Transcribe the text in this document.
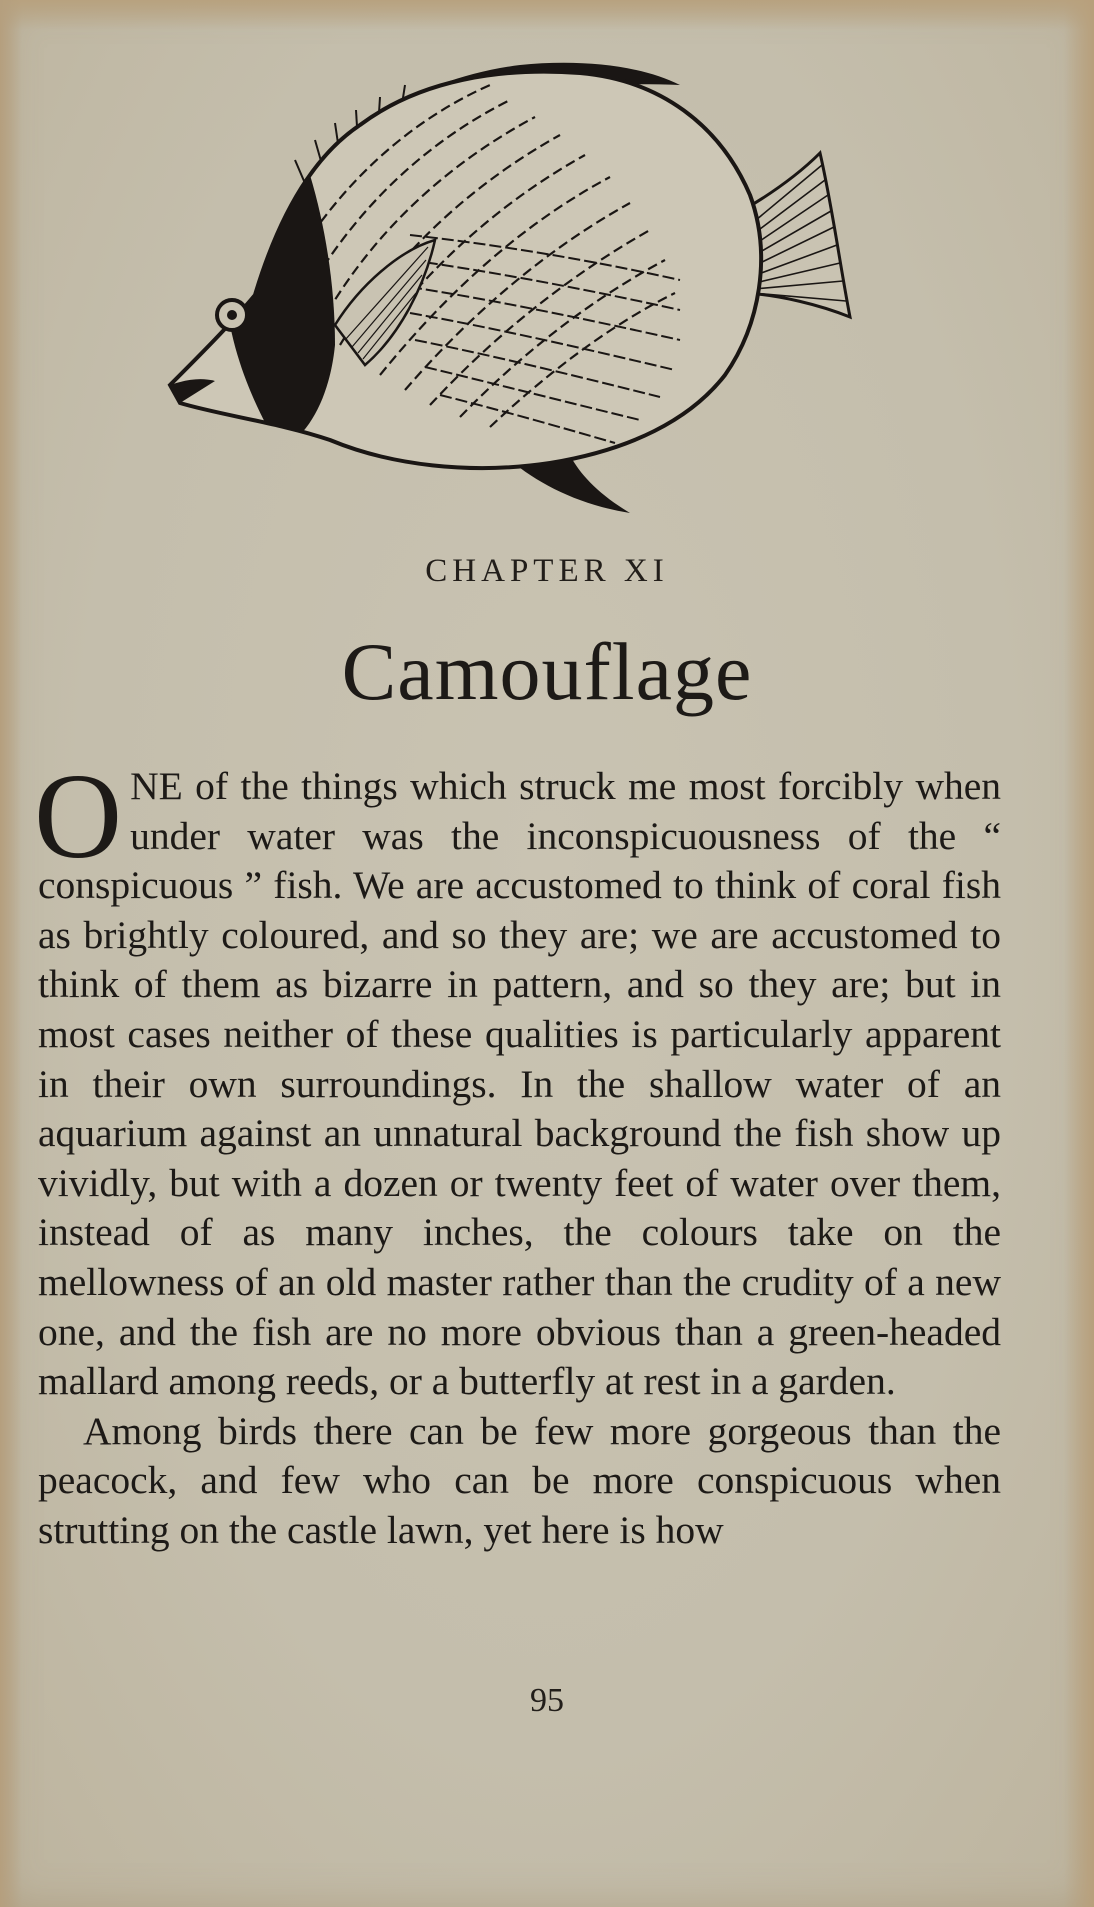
CHAPTER XI
Camouflage

ONE of the things which struck me most forcibly when under water was the inconspicuousness of the “ conspicuous ” fish. We are accustomed to think of coral fish as brightly coloured, and so they are; we are accustomed to think of them as bizarre in pattern, and so they are; but in most cases neither of these qualities is particularly apparent in their own surroundings. In the shallow water of an aquarium against an unnatural background the fish show up vividly, but with a dozen or twenty feet of water over them, instead of as many inches, the colours take on the mellowness of an old master rather than the crudity of a new one, and the fish are no more obvious than a green-headed mallard among reeds, or a butterfly at rest in a garden.

Among birds there can be few more gorgeous than the peacock, and few who can be more conspicuous when strutting on the castle lawn, yet here is how

95
